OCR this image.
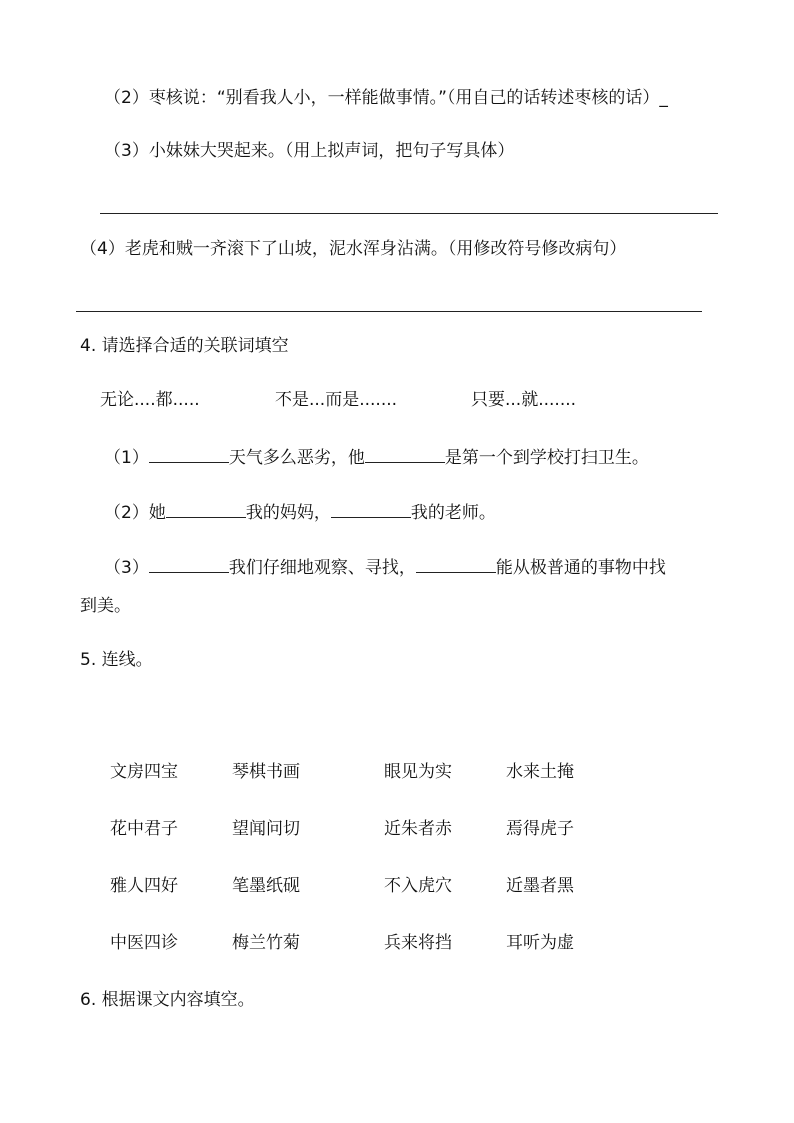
（2）枣核说：“别看我人小，一样能做事情。”（用自己的话转述枣核的话）_
（3）小妹妹大哭起来。（用上拟声词，把句子写具体）
（4）老虎和贼一齐滚下了山坡，泥水浑身沾满。（用修改符号修改病句）
4. 请选择合适的关联词填空
无论....都.....	不是...而是.......	只要...就.......
（1）	天气多么恶劣，他	是第一个到学校打扫卫生。
（2）她	我的妈妈，	我的老师。
（3）	我们仔细地观察、寻找，	能从极普通的事物中找
到美。
5. 连线。
文房四宝	琴棋书画	眼见为实	水来土掩
花中君子	望闻问切	近朱者赤	焉得虎子
雅人四好	笔墨纸砚	不入虎穴	近墨者黑
中医四诊	梅兰竹菊	兵来将挡	耳听为虚
6. 根据课文内容填空。
